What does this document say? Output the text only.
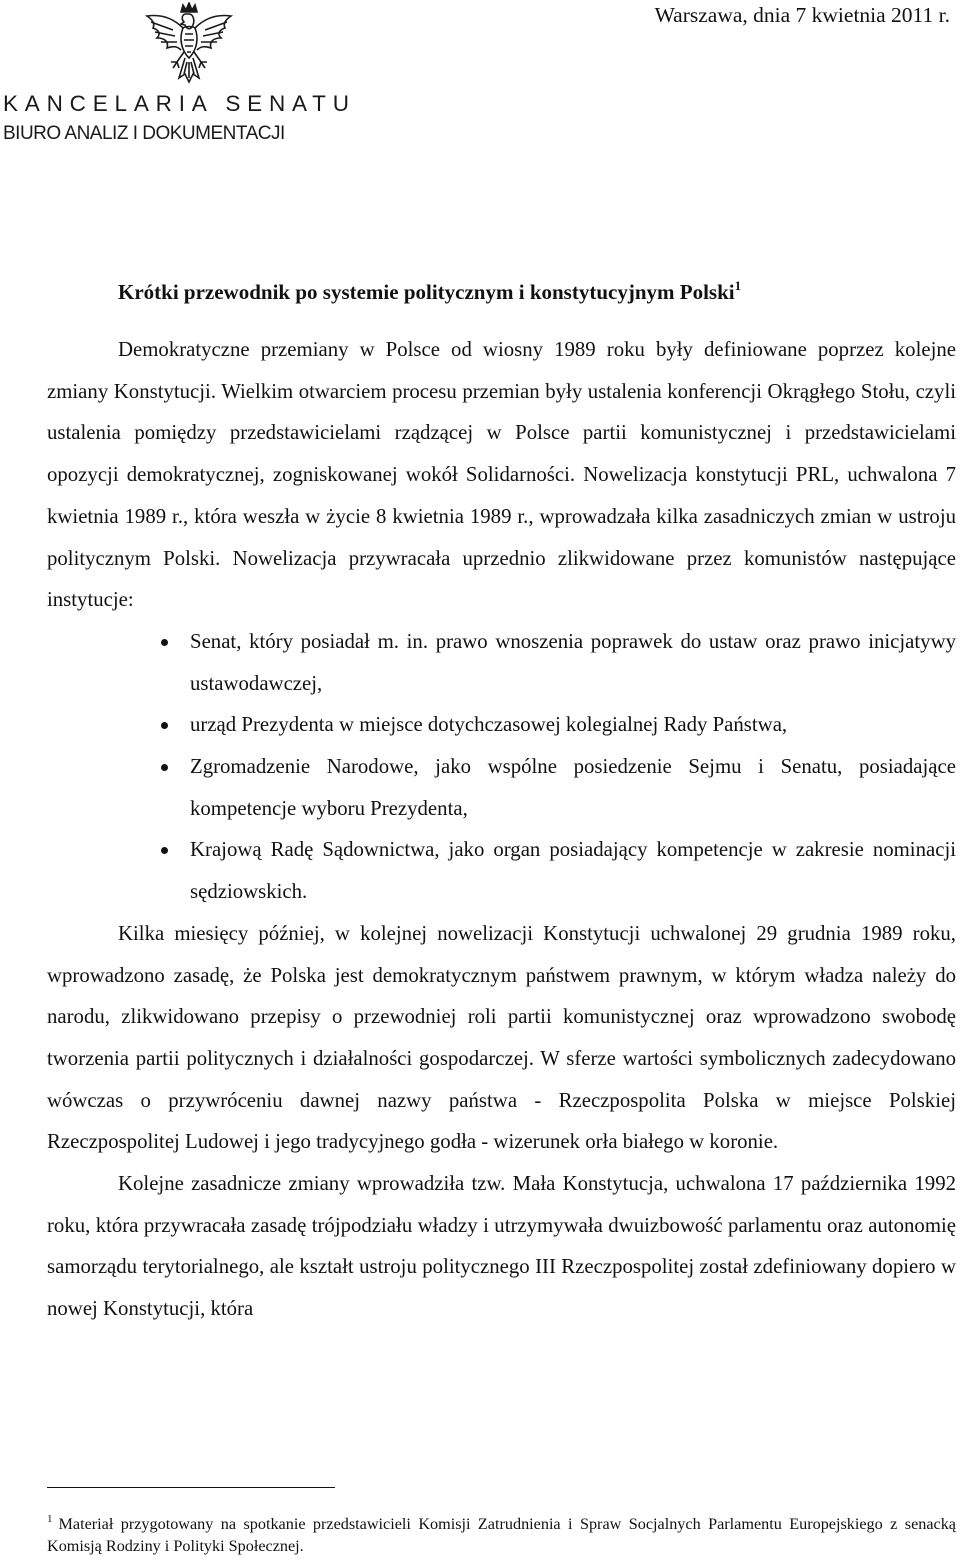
KANCELARIA SENATU
BIURO ANALIZ I DOKUMENTACJI

Warszawa, dnia 7 kwietnia 2011 r.

Krótki przewodnik po systemie politycznym i konstytucyjnym Polski$^1$

Demokratyczne przemiany w Polsce od wiosny 1989 roku były definiowane poprzez kolejne zmiany Konstytucji. Wielkim otwarciem procesu przemian były ustalenia konferencji Okrągłego Stołu, czyli ustalenia pomiędzy przedstawicielami rządzącej w Polsce partii komunistycznej i przedstawicielami opozycji demokratycznej, zogniskowanej wokół Solidarności. Nowelizacja konstytucji PRL, uchwalona 7 kwietnia 1989 r., która weszła w życie 8 kwietnia 1989 r., wprowadzała kilka zasadniczych zmian w ustroju politycznym Polski. Nowelizacja przywracała uprzednio zlikwidowane przez komunistów następujące instytucje:

Senat, który posiadał m. in. prawo wnoszenia poprawek do ustaw oraz prawo inicjatywy ustawodawczej,
urząd Prezydenta w miejsce dotychczasowej kolegialnej Rady Państwa,
Zgromadzenie Narodowe, jako wspólne posiedzenie Sejmu i Senatu, posiadające kompetencje wyboru Prezydenta,
Krajową Radę Sądownictwa, jako organ posiadający kompetencje w zakresie nominacji sędziowskich.

Kilka miesięcy później, w kolejnej nowelizacji Konstytucji uchwalonej 29 grudnia 1989 roku, wprowadzono zasadę, że Polska jest demokratycznym państwem prawnym, w którym władza należy do narodu, zlikwidowano przepisy o przewodniej roli partii komunistycznej oraz wprowadzono swobodę tworzenia partii politycznych i działalności gospodarczej. W sferze wartości symbolicznych zadecydowano wówczas o przywróceniu dawnej nazwy państwa - Rzeczpospolita Polska w miejsce Polskiej Rzeczpospolitej Ludowej i jego tradycyjnego godła - wizerunek orła białego w koronie.

Kolejne zasadnicze zmiany wprowadziła tzw. Mała Konstytucja, uchwalona 17 października 1992 roku, która przywracała zasadę trójpodziału władzy i utrzymywała dwuizbowość parlamentu oraz autonomię samorządu terytorialnego, ale kształt ustroju politycznego III Rzeczpospolitej został zdefiniowany dopiero w nowej Konstytucji, która

$^1$ Materiał przygotowany na spotkanie przedstawicieli Komisji Zatrudnienia i Spraw Socjalnych Parlamentu Europejskiego z senacką Komisją Rodziny i Polityki Społecznej.
